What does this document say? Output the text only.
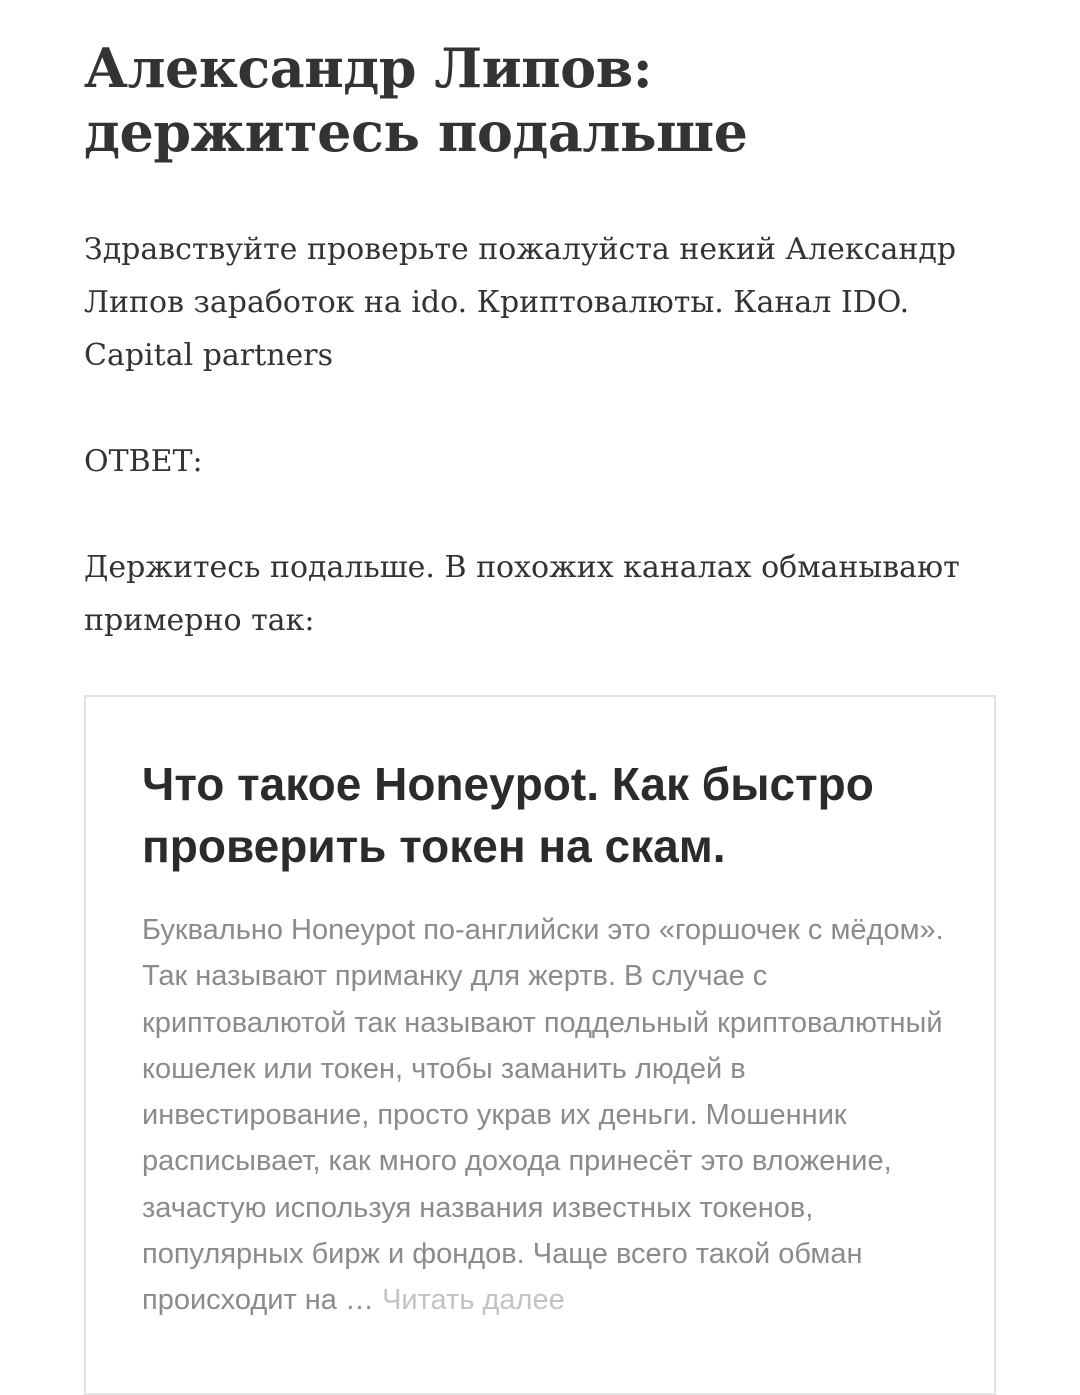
Александр Липов: держитесь подальше

Здравствуйте проверьте пожалуйста некий Александр Липов заработок на ido. Криптовалюты. Канал IDO. Capital partners

ОТВЕТ:

Держитесь подальше. В похожих каналах обманывают примерно так:

Что такое Honeypot. Как быстро проверить токен на скам.

Буквально Honeypot по-английски это «горшочек с мёдом». Так называют приманку для жертв. В случае с криптовалютой так называют поддельный криптовалютный кошелек или токен, чтобы заманить людей в инвестирование, просто украв их деньги. Мошенник расписывает, как много дохода принесёт это вложение, зачастую используя названия известных токенов, популярных бирж и фондов. Чаще всего такой обман происходит на … Читать далее
